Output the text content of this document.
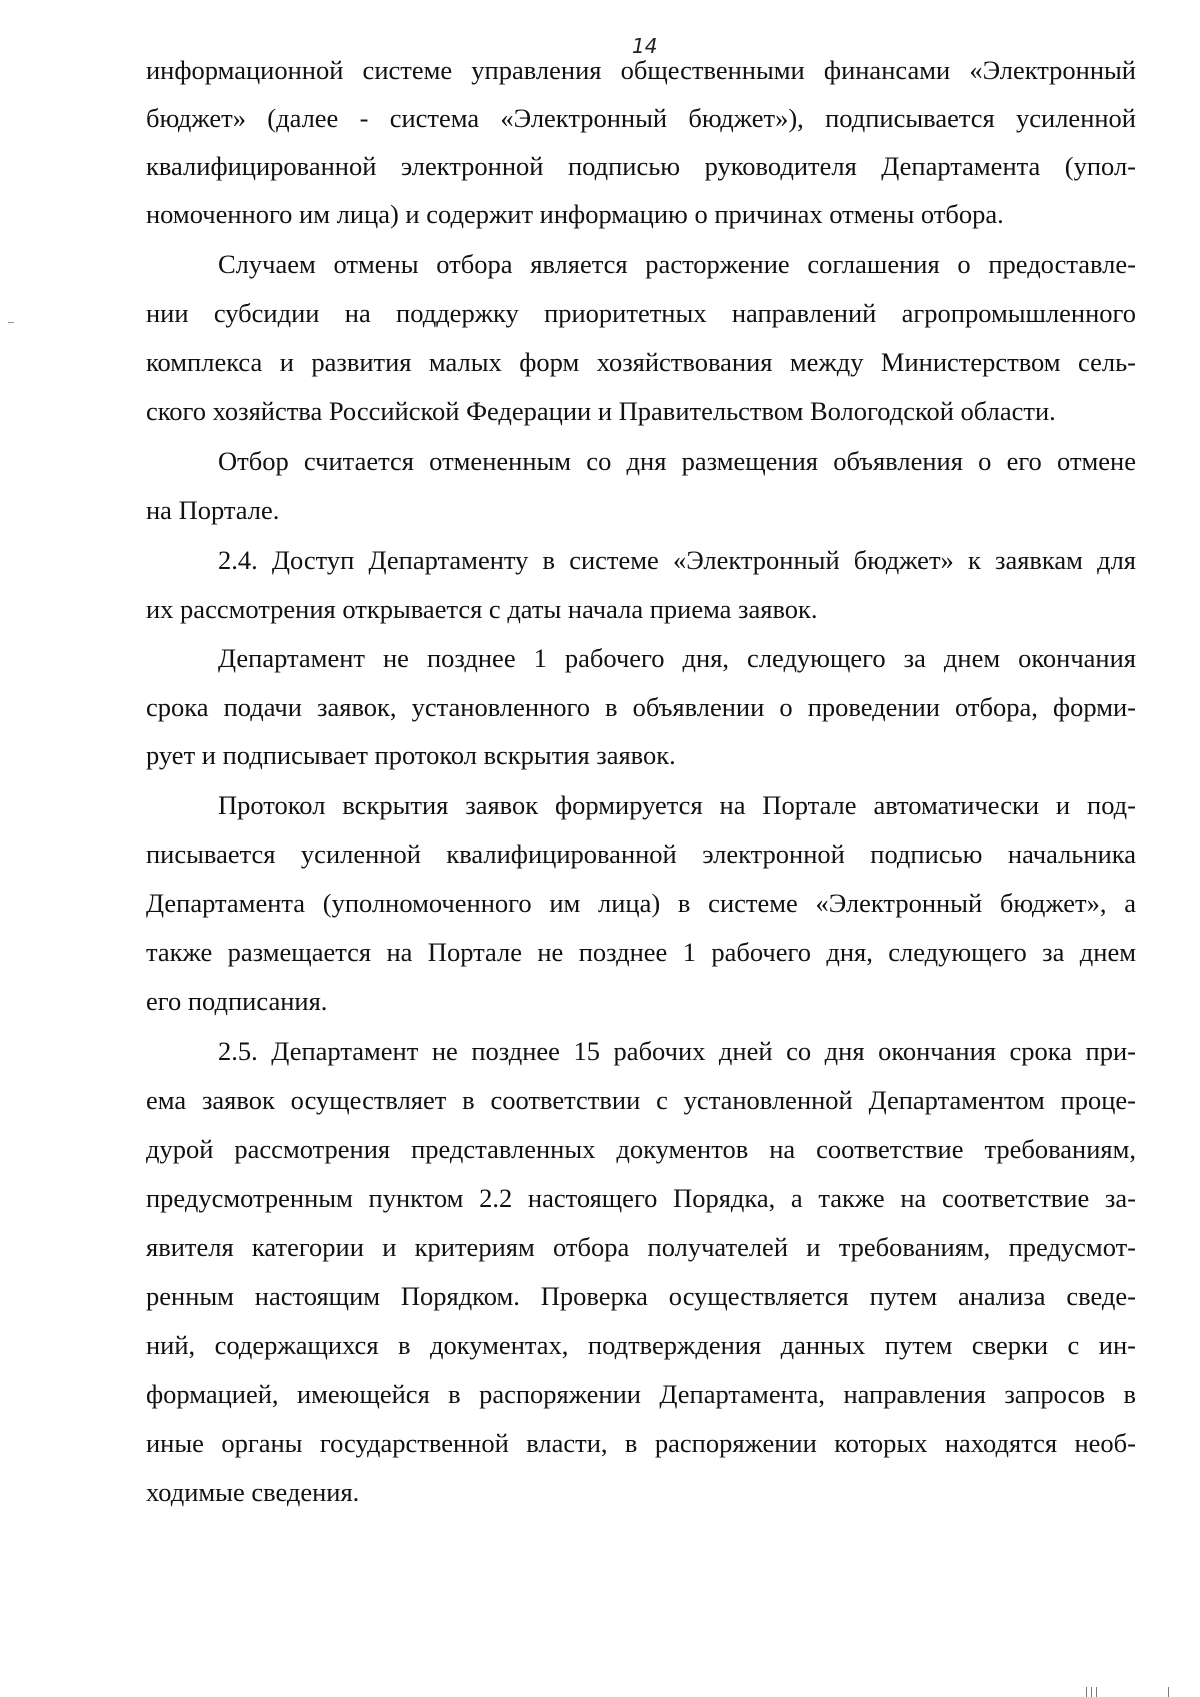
14
информационной системе управления общественными финансами «Электронный
бюджет» (далее - система «Электронный бюджет»), подписывается усиленной
квалифицированной электронной подписью руководителя Департамента (упол-
номоченного им лица) и содержит информацию о причинах отмены отбора.
Случаем отмены отбора является расторжение соглашения о предоставле-
нии субсидии на поддержку приоритетных направлений агропромышленного
комплекса и развития малых форм хозяйствования между Министерством сель-
ского хозяйства Российской Федерации и Правительством Вологодской области.
Отбор считается отмененным со дня размещения объявления о его отмене
на Портале.
2.4. Доступ Департаменту в системе «Электронный бюджет» к заявкам для
их рассмотрения открывается с даты начала приема заявок.
Департамент не позднее 1 рабочего дня, следующего за днем окончания
срока подачи заявок, установленного в объявлении о проведении отбора, форми-
рует и подписывает протокол вскрытия заявок.
Протокол вскрытия заявок формируется на Портале автоматически и под-
писывается усиленной квалифицированной электронной подписью начальника
Департамента (уполномоченного им лица) в системе «Электронный бюджет», а
также размещается на Портале не позднее 1 рабочего дня, следующего за днем
его подписания.
2.5. Департамент не позднее 15 рабочих дней со дня окончания срока при-
ема заявок осуществляет в соответствии с установленной Департаментом проце-
дурой рассмотрения представленных документов на соответствие требованиям,
предусмотренным пунктом 2.2 настоящего Порядка, а также на соответствие за-
явителя категории и критериям отбора получателей и требованиям, предусмот-
ренным настоящим Порядком. Проверка осуществляется путем анализа сведе-
ний, содержащихся в документах, подтверждения данных путем сверки с ин-
формацией, имеющейся в распоряжении Департамента, направления запросов в
иные органы государственной власти, в распоряжении которых находятся необ-
ходимые сведения.
